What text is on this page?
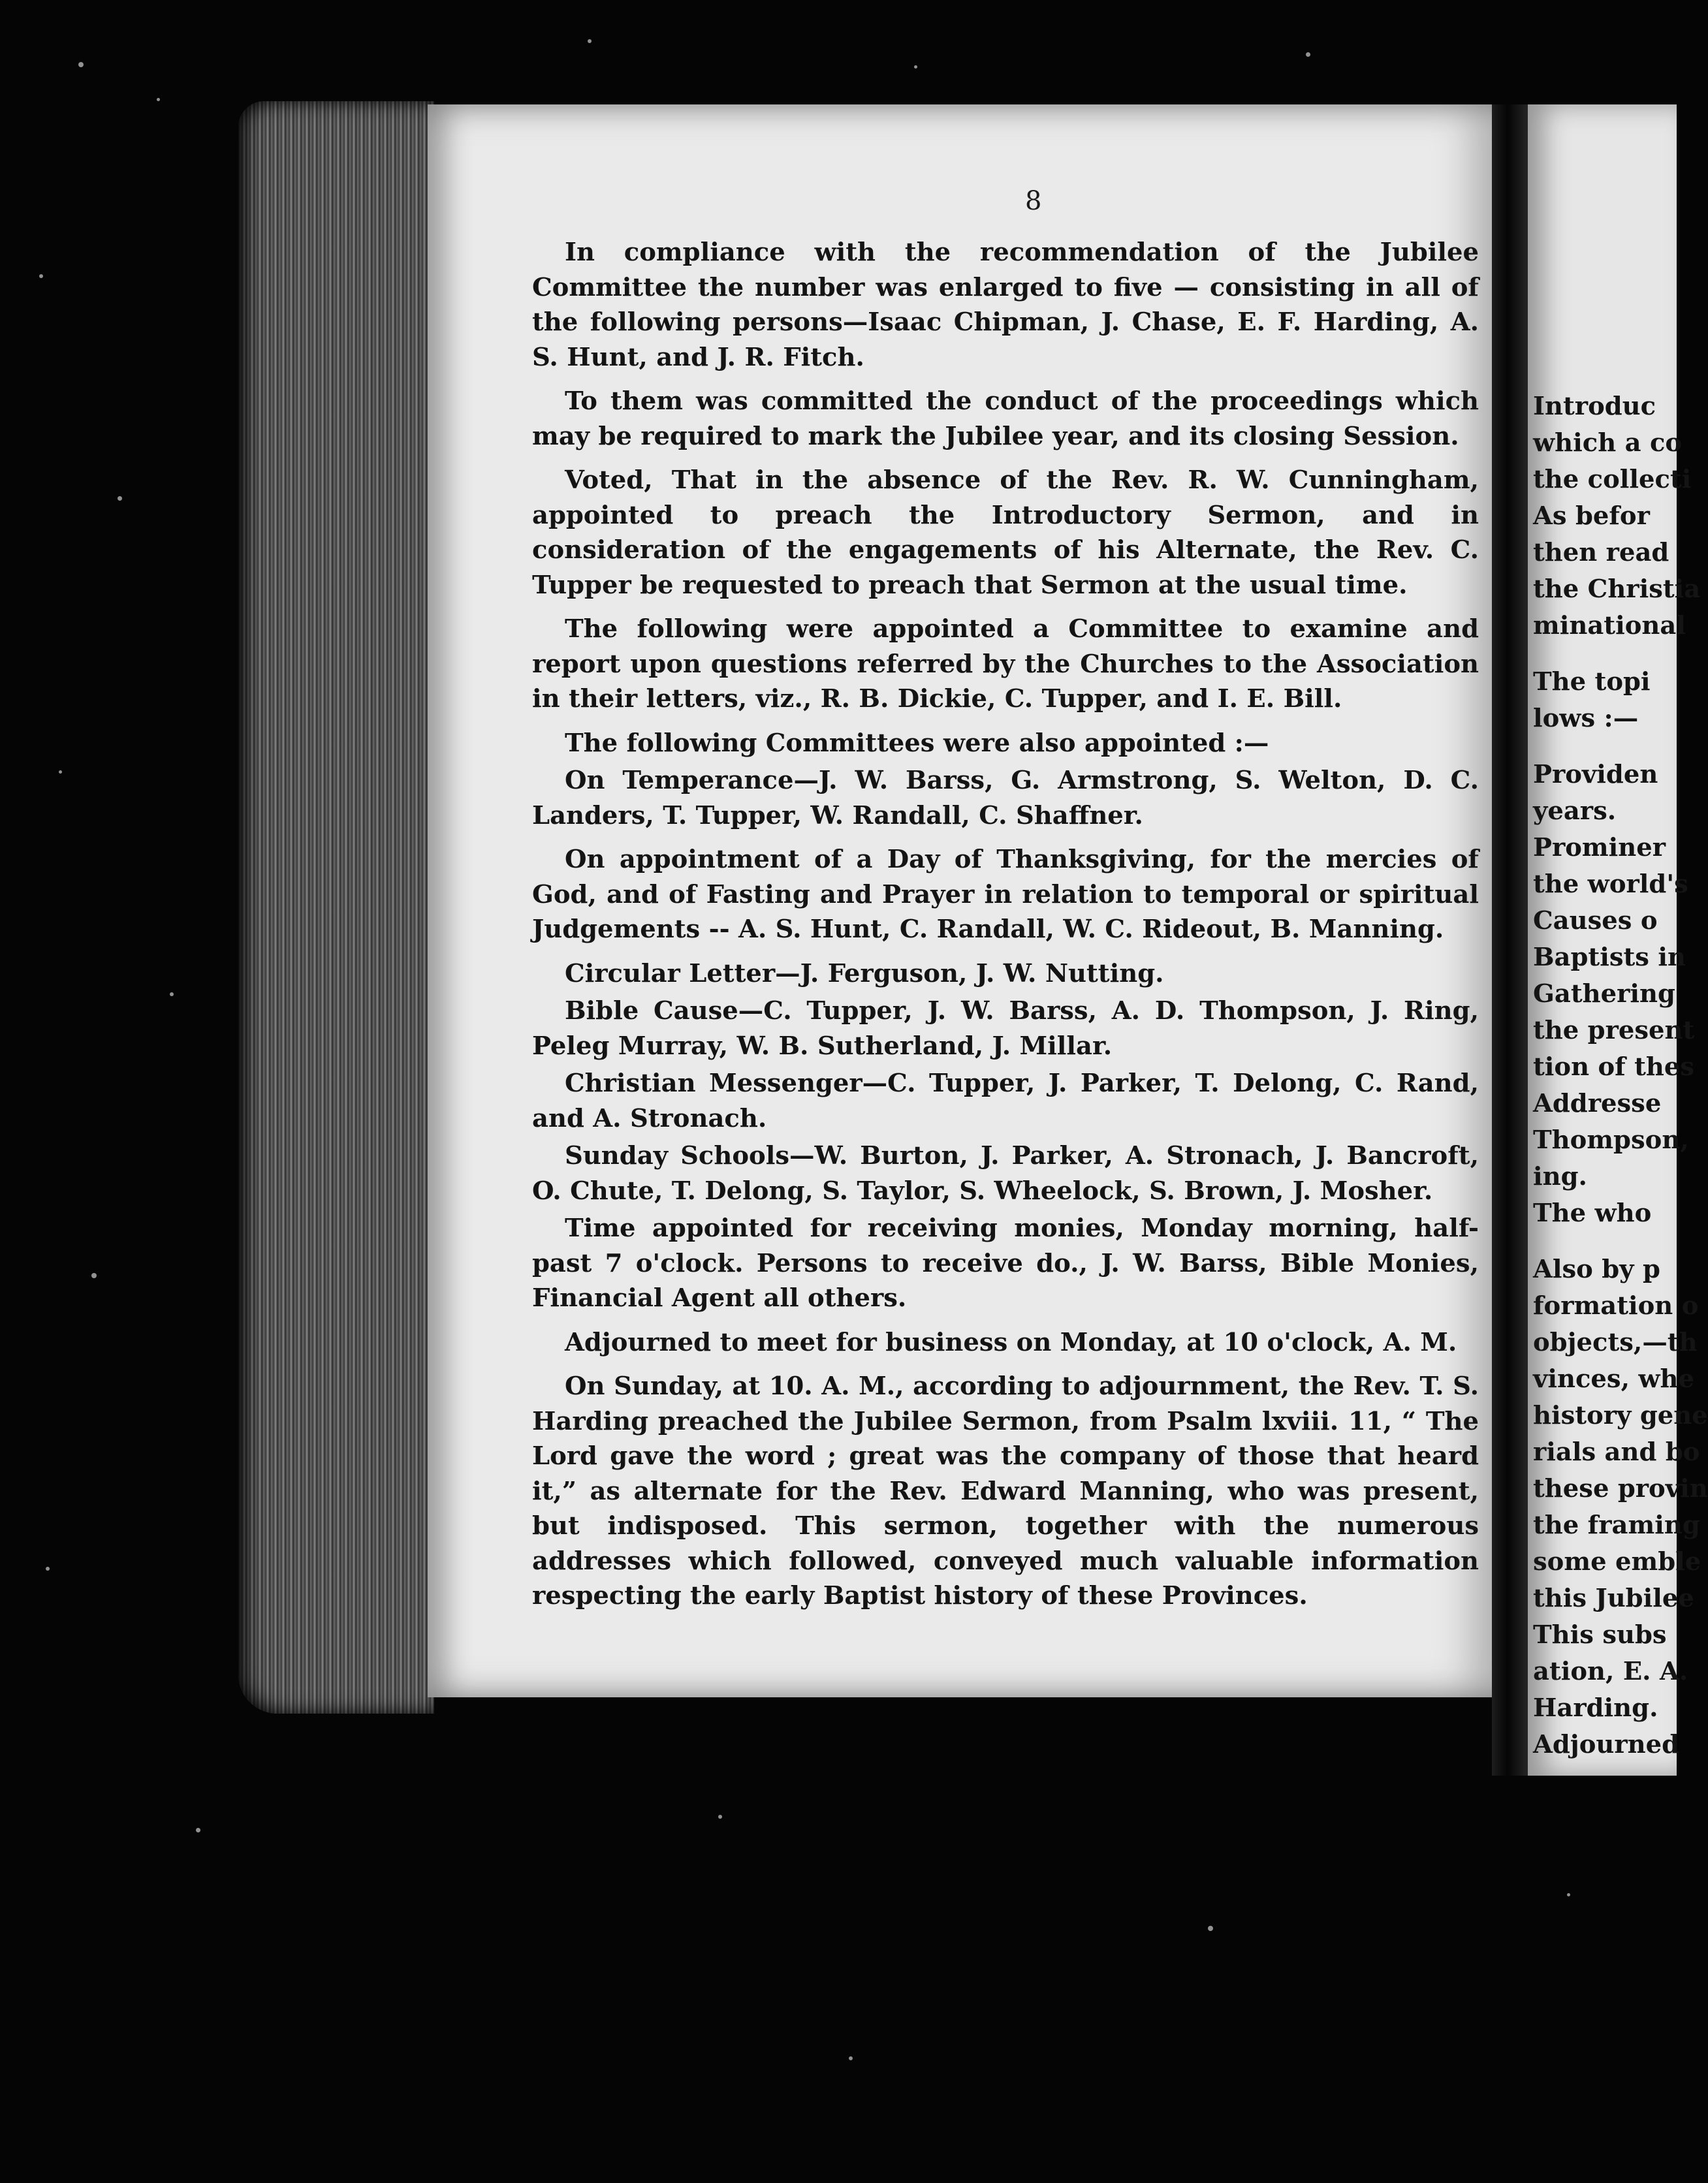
8

In compliance with the recommendation of the Jubilee Committee the number was enlarged to five — consisting in all of the following persons—Isaac Chipman, J. Chase, E. F. Harding, A. S. Hunt, and J. R. Fitch.

To them was committed the conduct of the proceedings which may be required to mark the Jubilee year, and its closing Session.

Voted, That in the absence of the Rev. R. W. Cunningham, appointed to preach the Introductory Sermon, and in consideration of the engagements of his Alternate, the Rev. C. Tupper be requested to preach that Sermon at the usual time.

The following were appointed a Committee to examine and report upon questions referred by the Churches to the Association in their letters, viz., R. B. Dickie, C. Tupper, and I. E. Bill.

The following Committees were also appointed :—

On Temperance—J. W. Barss, G. Armstrong, S. Welton, D. C. Landers, T. Tupper, W. Randall, C. Shaffner.

On appointment of a Day of Thanksgiving, for the mercies of God, and of Fasting and Prayer in relation to temporal or spiritual Judgements -- A. S. Hunt, C. Randall, W. C. Rideout, B. Manning.

Circular Letter—J. Ferguson, J. W. Nutting.

Bible Cause—C. Tupper, J. W. Barss, A. D. Thompson, J. Ring, Peleg Murray, W. B. Sutherland, J. Millar.

Christian Messenger—C. Tupper, J. Parker, T. Delong, C. Rand, and A. Stronach.

Sunday Schools—W. Burton, J. Parker, A. Stronach, J. Bancroft, O. Chute, T. Delong, S. Taylor, S. Wheelock, S. Brown, J. Mosher.

Time appointed for receiving monies, Monday morning, half-past 7 o'clock. Persons to receive do., J. W. Barss, Bible Monies, Financial Agent all others.

Adjourned to meet for business on Monday, at 10 o'clock, A. M.

On Sunday, at 10. A. M., according to adjournment, the Rev. T. S. Harding preached the Jubilee Sermon, from Psalm lxviii. 11, “ The Lord gave the word ; great was the company of those that heard it,” as alternate for the Rev. Edward Manning, who was present, but indisposed. This sermon, together with the numerous addresses which followed, conveyed much valuable information respecting the early Baptist history of these Provinces.

Introduc
which a co
the collecti
As befor
then read
the Christia
minational
The topi
lows :—
Providen
years.
Prominer
the world's
Causes o
Baptists in
Gathering
the present
tion of thes
Addresse
Thompson,
ing.
The who
Also by p
formation o
objects,—th
vinces, whe
history gene
rials and bo
these provin
the framing
some emble
this Jubilee
This subs
ation, E. A.
Harding.
Adjourned
